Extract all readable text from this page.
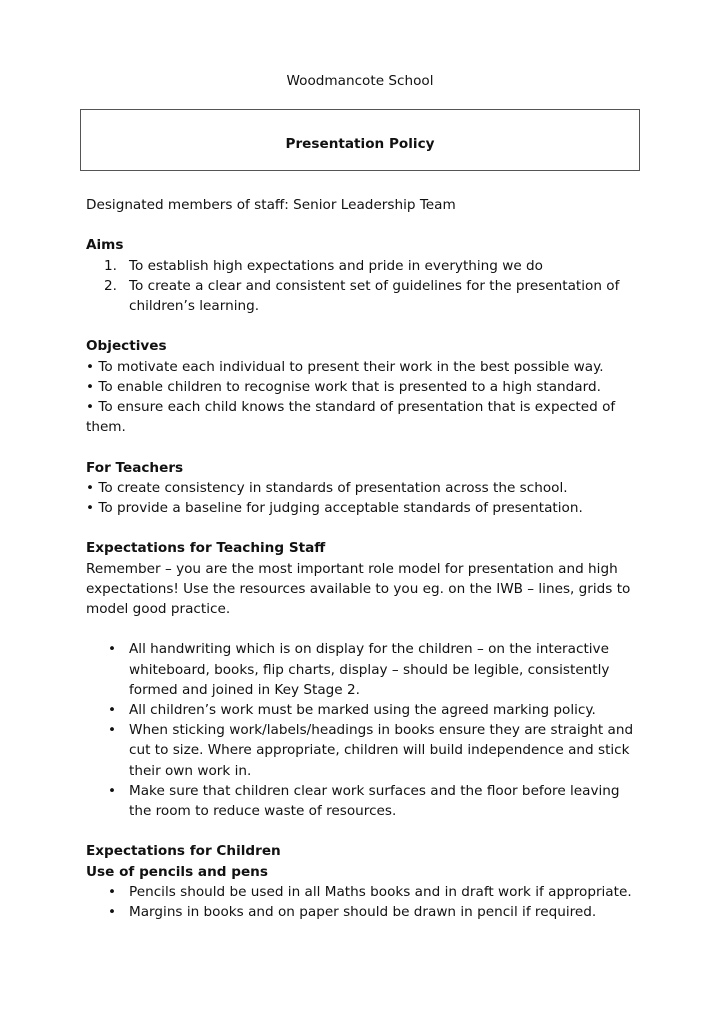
Woodmancote School
Presentation Policy

Designated members of staff: Senior Leadership Team

Aims

1. To establish high expectations and pride in everything we do
2. To create a clear and consistent set of guidelines for the presentation of children’s learning.

Objectives

• To motivate each individual to present their work in the best possible way.

• To enable children to recognise work that is presented to a high standard.

• To ensure each child knows the standard of presentation that is expected of them.

For Teachers

• To create consistency in standards of presentation across the school.

• To provide a baseline for judging acceptable standards of presentation.

Expectations for Teaching Staff

Remember – you are the most important role model for presentation and high expectations! Use the resources available to you eg. on the IWB – lines, grids to model good practice.

• All handwriting which is on display for the children – on the interactive whiteboard, books, flip charts, display – should be legible, consistently formed and joined in Key Stage 2.
• All children’s work must be marked using the agreed marking policy.
• When sticking work/labels/headings in books ensure they are straight and cut to size. Where appropriate, children will build independence and stick their own work in.
• Make sure that children clear work surfaces and the floor before leaving the room to reduce waste of resources.

Expectations for Children

Use of pencils and pens

• Pencils should be used in all Maths books and in draft work if appropriate.
• Margins in books and on paper should be drawn in pencil if required.
